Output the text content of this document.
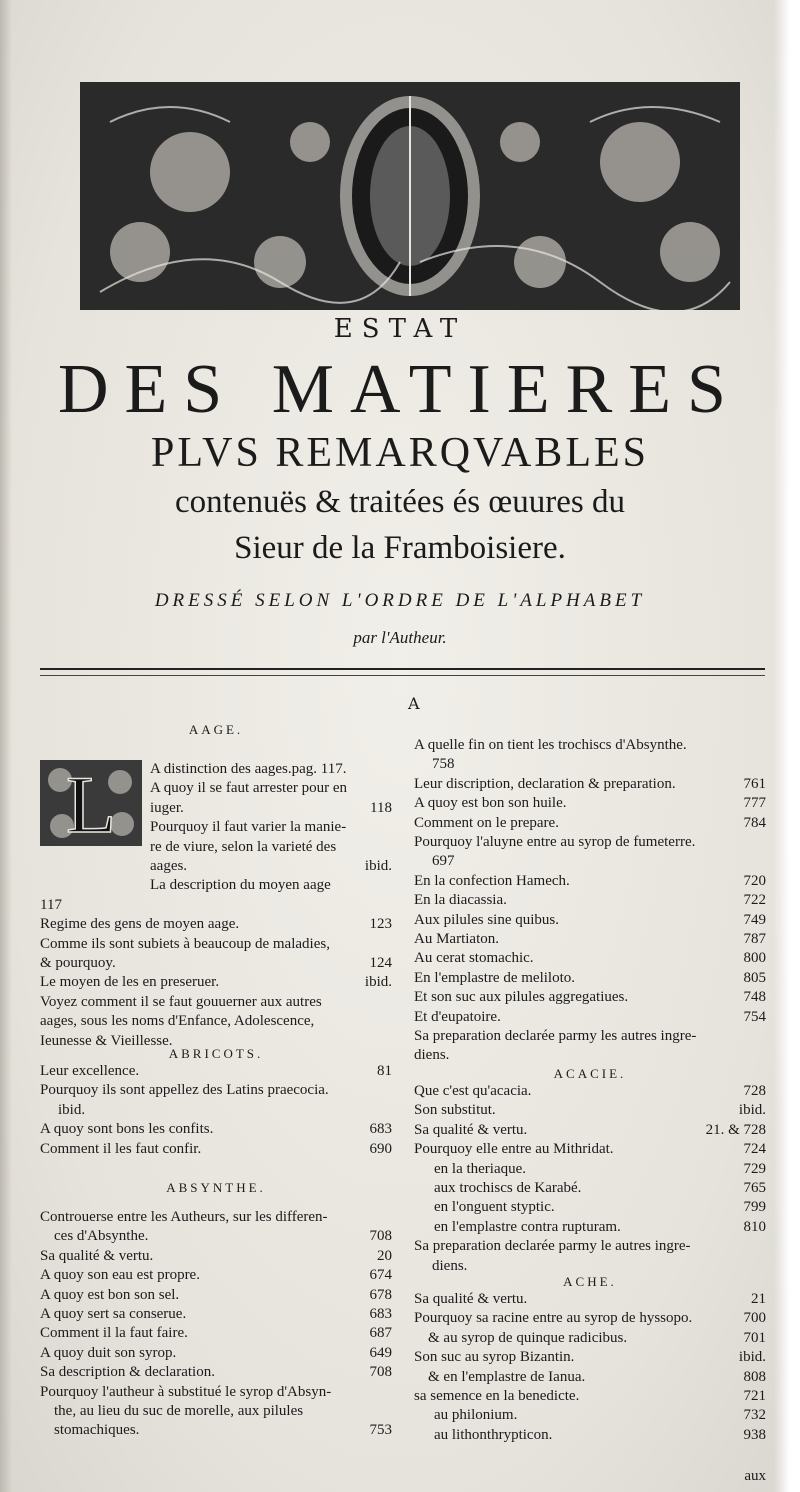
ESTAT
DES MATIERES
PLVS REMARQVABLES
contenuës & traitées és œuures du
Sieur de la Framboisiere.
DRESSÉ SELON L'ORDRE DE L'ALPHABET
par l'Autheur.
A
L
AAGE.
A distinction des aages.pag. 117.
A quoy il se faut arrester pour en
iuger.	118
Pourquoy il faut varier la manie-
re de viure, selon la varieté des
aages.	ibid.
La description du moyen aage
117
Regime des gens de moyen aage.	123
Comme ils sont subiets à beaucoup de maladies,
& pourquoy.	124
Le moyen de les en preseruer.	ibid.
Voyez comment il se faut gouuerner aux autres
aages, sous les noms d'Enfance, Adolescence,
Ieunesse & Vieillesse.
ABRICOTS.
Leur excellence.	81
Pourquoy ils sont appellez des Latins praecocia.
ibid.
A quoy sont bons les confits.	683
Comment il les faut confir.	690
ABSYNTHE.
Controuerse entre les Autheurs, sur les differen-
ces d'Absynthe.	708
Sa qualité & vertu.	20
A quoy son eau est propre.	674
A quoy est bon son sel.	678
A quoy sert sa conserue.	683
Comment il la faut faire.	687
A quoy duit son syrop.	649
Sa description & declaration.	708
Pourquoy l'autheur à substitué le syrop d'Absyn-
the, au lieu du suc de morelle, aux pilules
stomachiques.	753
A quelle fin on tient les trochiscs d'Absynthe.
758
Leur discription, declaration & preparation.	761
A quoy est bon son huile.	777
Comment on le prepare.	784
Pourquoy l'aluyne entre au syrop de fumeterre.
697
En la confection Hamech.	720
En la diacassia.	722
Aux pilules sine quibus.	749
Au Martiaton.	787
Au cerat stomachic.	800
En l'emplastre de meliloto.	805
Et son suc aux pilules aggregatiues.	748
Et d'eupatoire.	754
Sa preparation declarée parmy les autres ingre-
diens.
ACACIE.
Que c'est qu'acacia.	728
Son substitut.	ibid.
Sa qualité & vertu.	21. & 728
Pourquoy elle entre au Mithridat.	724
en la theriaque.	729
aux trochiscs de Karabé.	765
en l'onguent styptic.	799
en l'emplastre contra rupturam.	810
Sa preparation declarée parmy le autres ingre-
diens.
ACHE.
Sa qualité & vertu.	21
Pourquoy sa racine entre au syrop de hyssopo.	700
& au syrop de quinque radicibus.	701
Son suc au syrop Bizantin.	ibid.
& en l'emplastre de Ianua.	808
sa semence en la benedicte.	721
au philonium.	732
au lithonthrypticon.	938
aux
